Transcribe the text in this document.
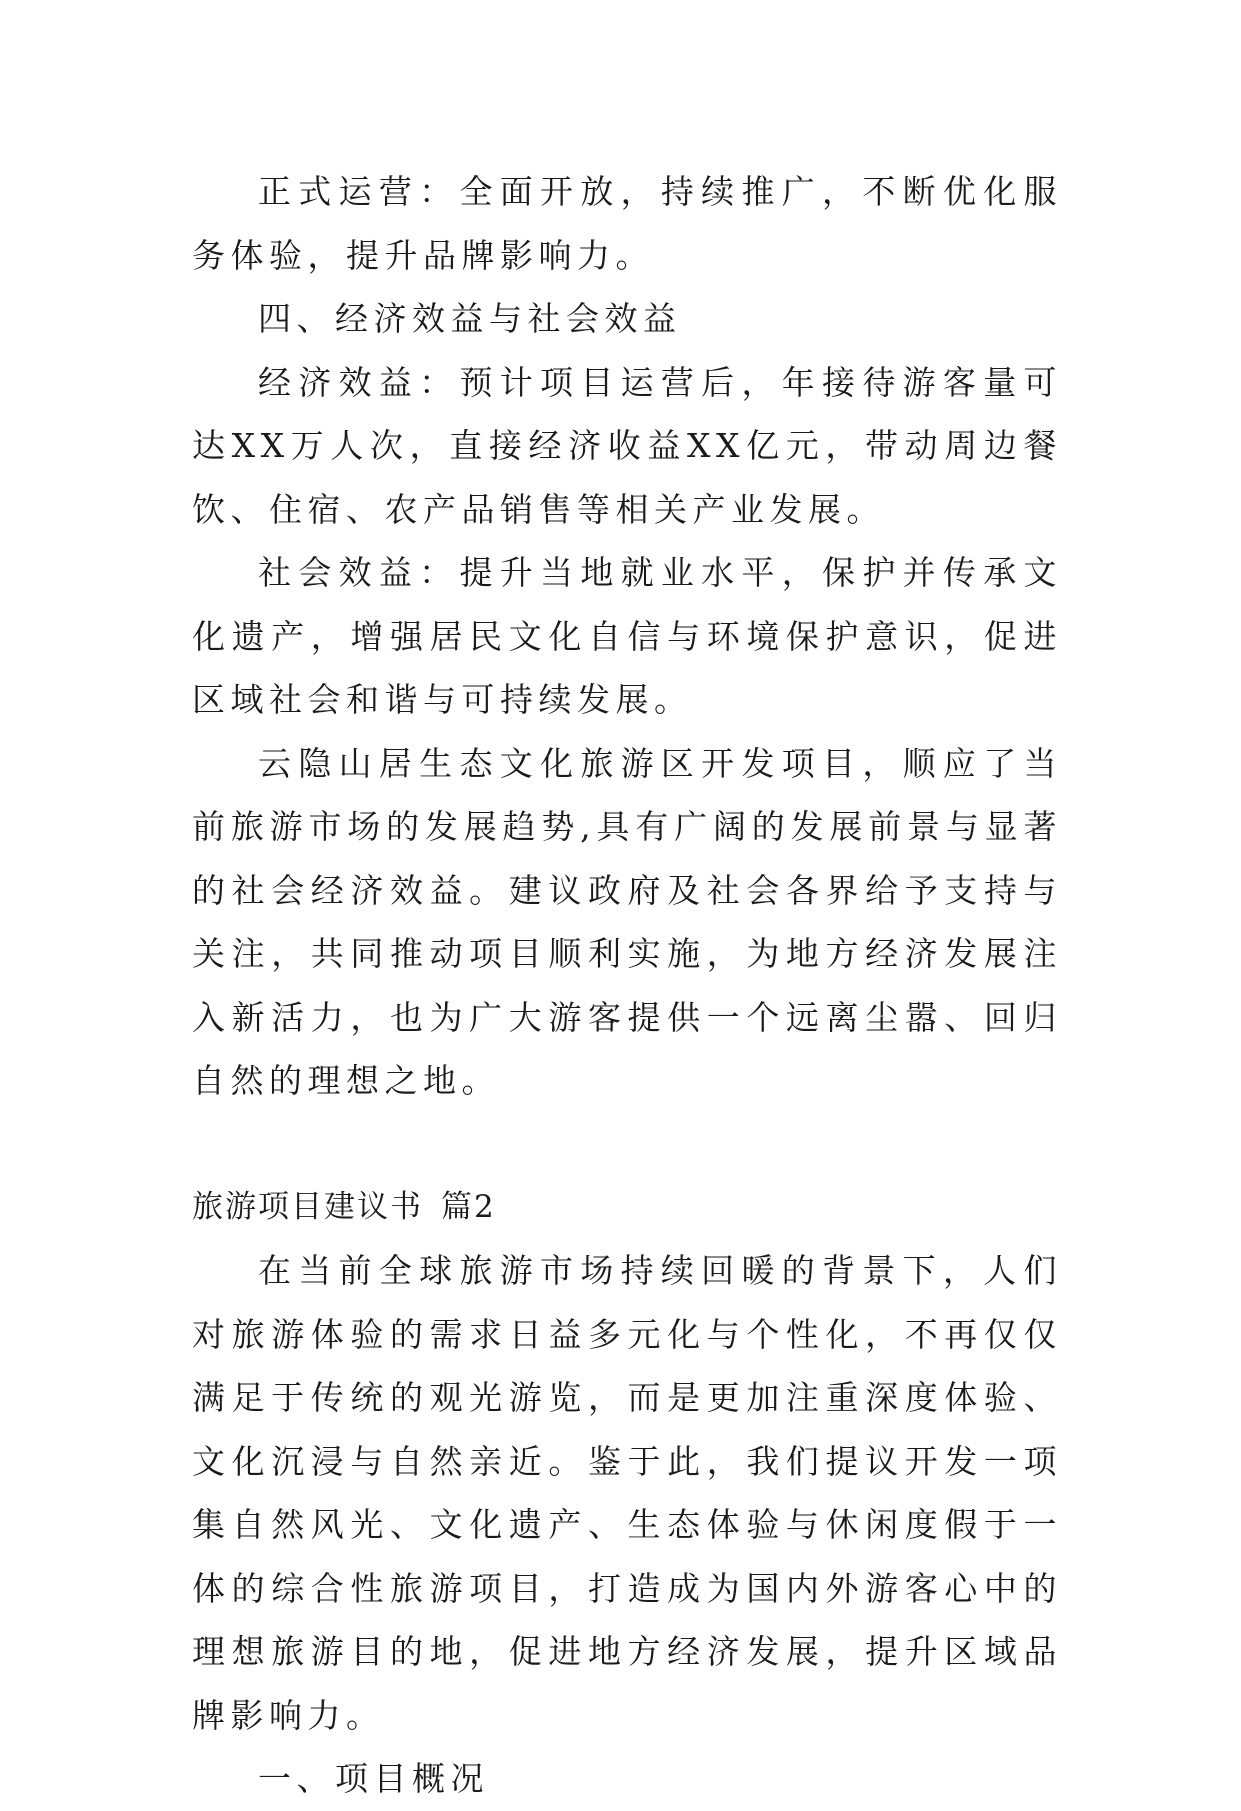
正式运营：全面开放，持续推广，不断优化服务体验，提升品牌影响力。

四、经济效益与社会效益

经济效益：预计项目运营后，年接待游客量可达XX万人次，直接经济收益XX亿元，带动周边餐饮、住宿、农产品销售等相关产业发展。

社会效益：提升当地就业水平，保护并传承文化遗产，增强居民文化自信与环境保护意识，促进区域社会和谐与可持续发展。

云隐山居生态文化旅游区开发项目，顺应了当前旅游市场的发展趋势,具有广阔的发展前景与显著的社会经济效益。建议政府及社会各界给予支持与关注，共同推动项目顺利实施，为地方经济发展注入新活力，也为广大游客提供一个远离尘嚣、回归自然的理想之地。

旅游项目建议书 篇2

在当前全球旅游市场持续回暖的背景下，人们对旅游体验的需求日益多元化与个性化，不再仅仅满足于传统的观光游览，而是更加注重深度体验、文化沉浸与自然亲近。鉴于此，我们提议开发一项集自然风光、文化遗产、生态体验与休闲度假于一体的综合性旅游项目，打造成为国内外游客心中的理想旅游目的地，促进地方经济发展，提升区域品牌影响力。

一、项目概况
